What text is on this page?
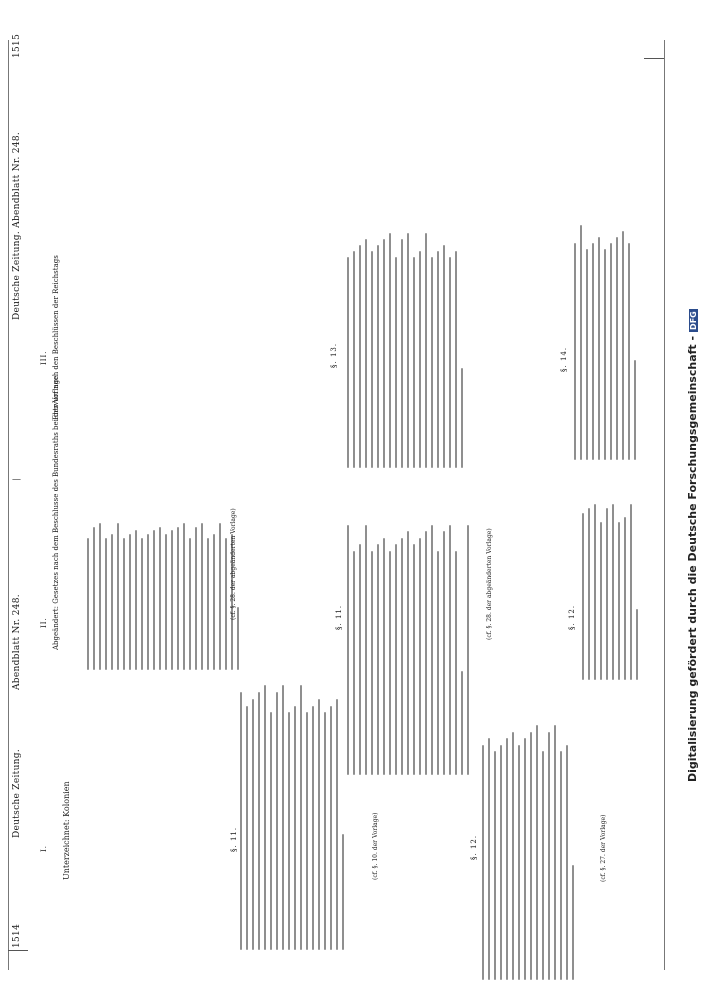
Digitalisierung gefördert durch die Deutsche Forschungsgemeinschaft -DFG
1514
Deutsche Zeitung.
Abendblatt Nr. 248.
Deutsche Zeitung. Abendblatt Nr. 248.
1515
I. Unterzeichnet: Kolonien
II. Abgeändert: Gesetzes nach dem Beschlusse des Bundesraths bei der Vorlage
III. Entwurf nach den Beschlüssen der Reichstags
(cf. §. 28. der abgeänderten Vorlage)
§. 11.	(cf. §. 10. der Vorlage)	§. 12.	(cf. §. 27. der Vorlage)
§. 11.	(cf. §. 28. der abgeänderten Vorlage)	§. 12.
§. 13.	§. 14.
—
